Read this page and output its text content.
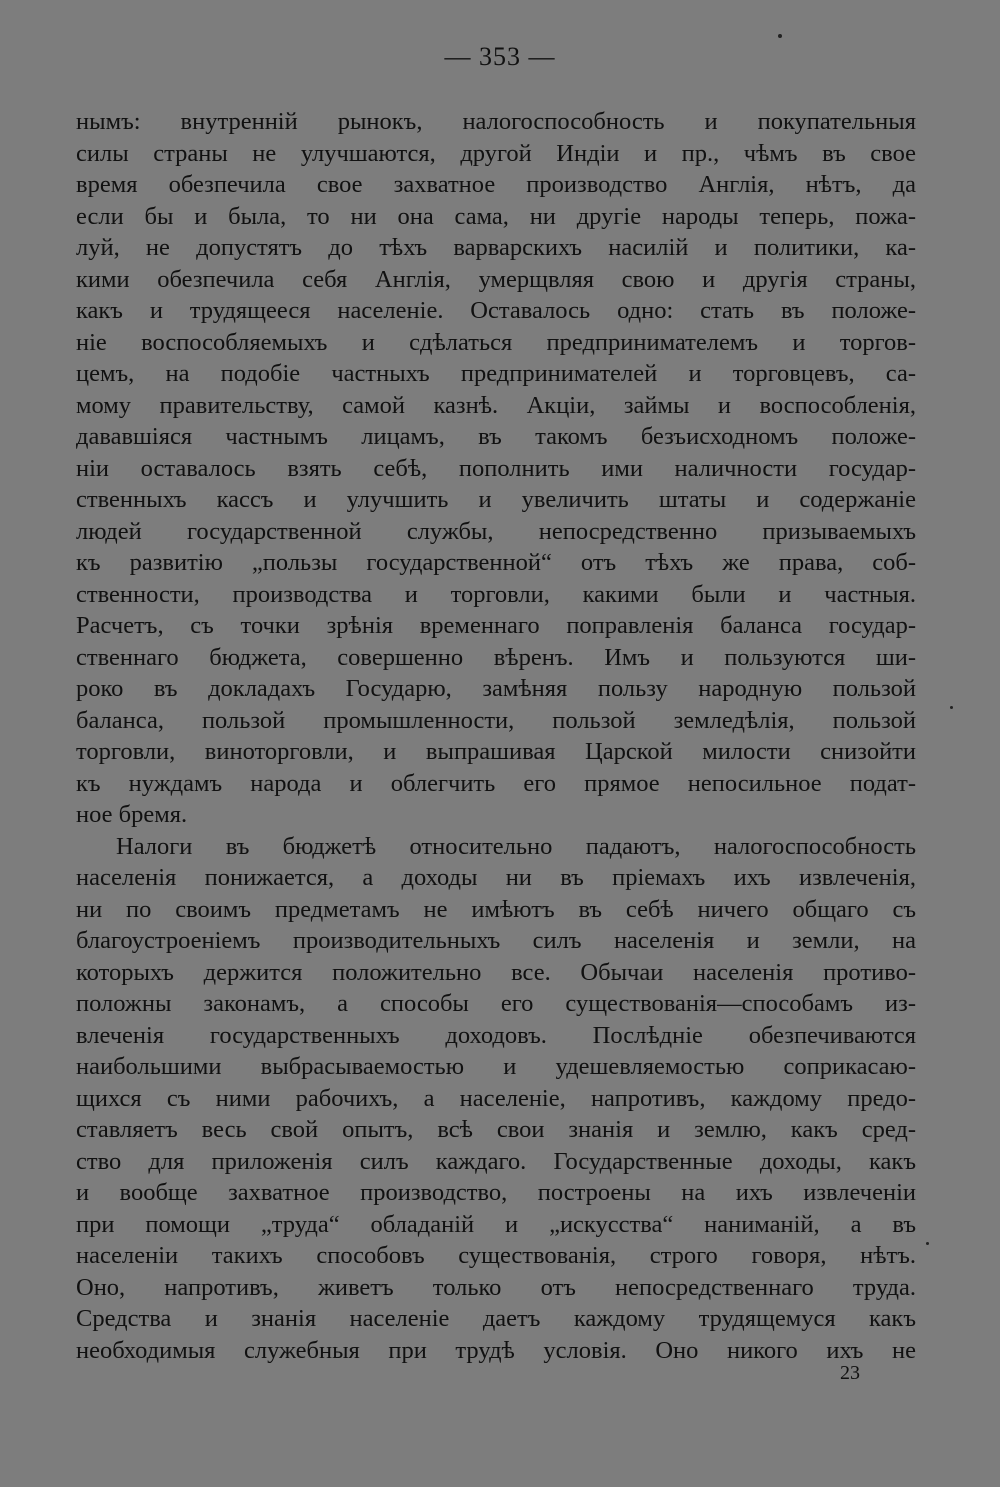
— 353 —
нымъ: внутренній рынокъ, налогоспособность и покупательныя
силы страны не улучшаются, другой Индіи и пр., чѣмъ въ свое
время обезпечила свое захватное производство Англія, нѣтъ, да
если бы и была, то ни она сама, ни другіе народы теперь, пожа-
луй, не допустятъ до тѣхъ варварскихъ насилій и политики, ка-
кими обезпечила себя Англія, умерщвляя свою и другія страны,
какъ и трудящееся населеніе. Оставалось одно: стать въ положе-
ніе воспособляемыхъ и сдѣлаться предпринимателемъ и торгов-
цемъ, на подобіе частныхъ предпринимателей и торговцевъ, са-
мому правительству, самой казнѣ. Акціи, займы и воспособленія,
дававшіяся частнымъ лицамъ, въ такомъ безъисходномъ положе-
ніи оставалось взять себѣ, пополнить ими наличности государ-
ственныхъ кассъ и улучшить и увеличить штаты и содержаніе
людей государственной службы, непосредственно призываемыхъ
къ развитію „пользы государственной“ отъ тѣхъ же права, соб-
ственности, производства и торговли, какими были и частныя.
Расчетъ, съ точки зрѣнія временнаго поправленія баланса государ-
ственнаго бюджета, совершенно вѣренъ. Имъ и пользуются ши-
роко въ докладахъ Государю, замѣняя пользу народную пользой
баланса, пользой промышленности, пользой земледѣлія, пользой
торговли, виноторговли, и выпрашивая Царской милости снизойти
къ нуждамъ народа и облегчить его прямое непосильное подат-
ное бремя.
Налоги въ бюджетѣ относительно падаютъ, налогоспособность
населенія понижается, а доходы ни въ пріемахъ ихъ извлеченія,
ни по своимъ предметамъ не имѣютъ въ себѣ ничего общаго съ
благоустроеніемъ производительныхъ силъ населенія и земли, на
которыхъ держится положительно все. Обычаи населенія противо-
положны законамъ, а способы его существованія—способамъ из-
влеченія государственныхъ доходовъ. Послѣдніе обезпечиваются
наибольшими выбрасываемостью и удешевляемостью соприкасаю-
щихся съ ними рабочихъ, а населеніе, напротивъ, каждому предо-
ставляетъ весь свой опытъ, всѣ свои знанія и землю, какъ сред-
ство для приложенія силъ каждаго. Государственные доходы, какъ
и вообще захватное производство, построены на ихъ извлеченіи
при помощи „труда“ обладаній и „искусства“ наниманій, а въ
населеніи такихъ способовъ существованія, строго говоря, нѣтъ.
Оно, напротивъ, живетъ только отъ непосредственнаго труда.
Средства и знанія населеніе даетъ каждому трудящемуся какъ
необходимыя служебныя при трудѣ условія. Оно никого ихъ не
23
